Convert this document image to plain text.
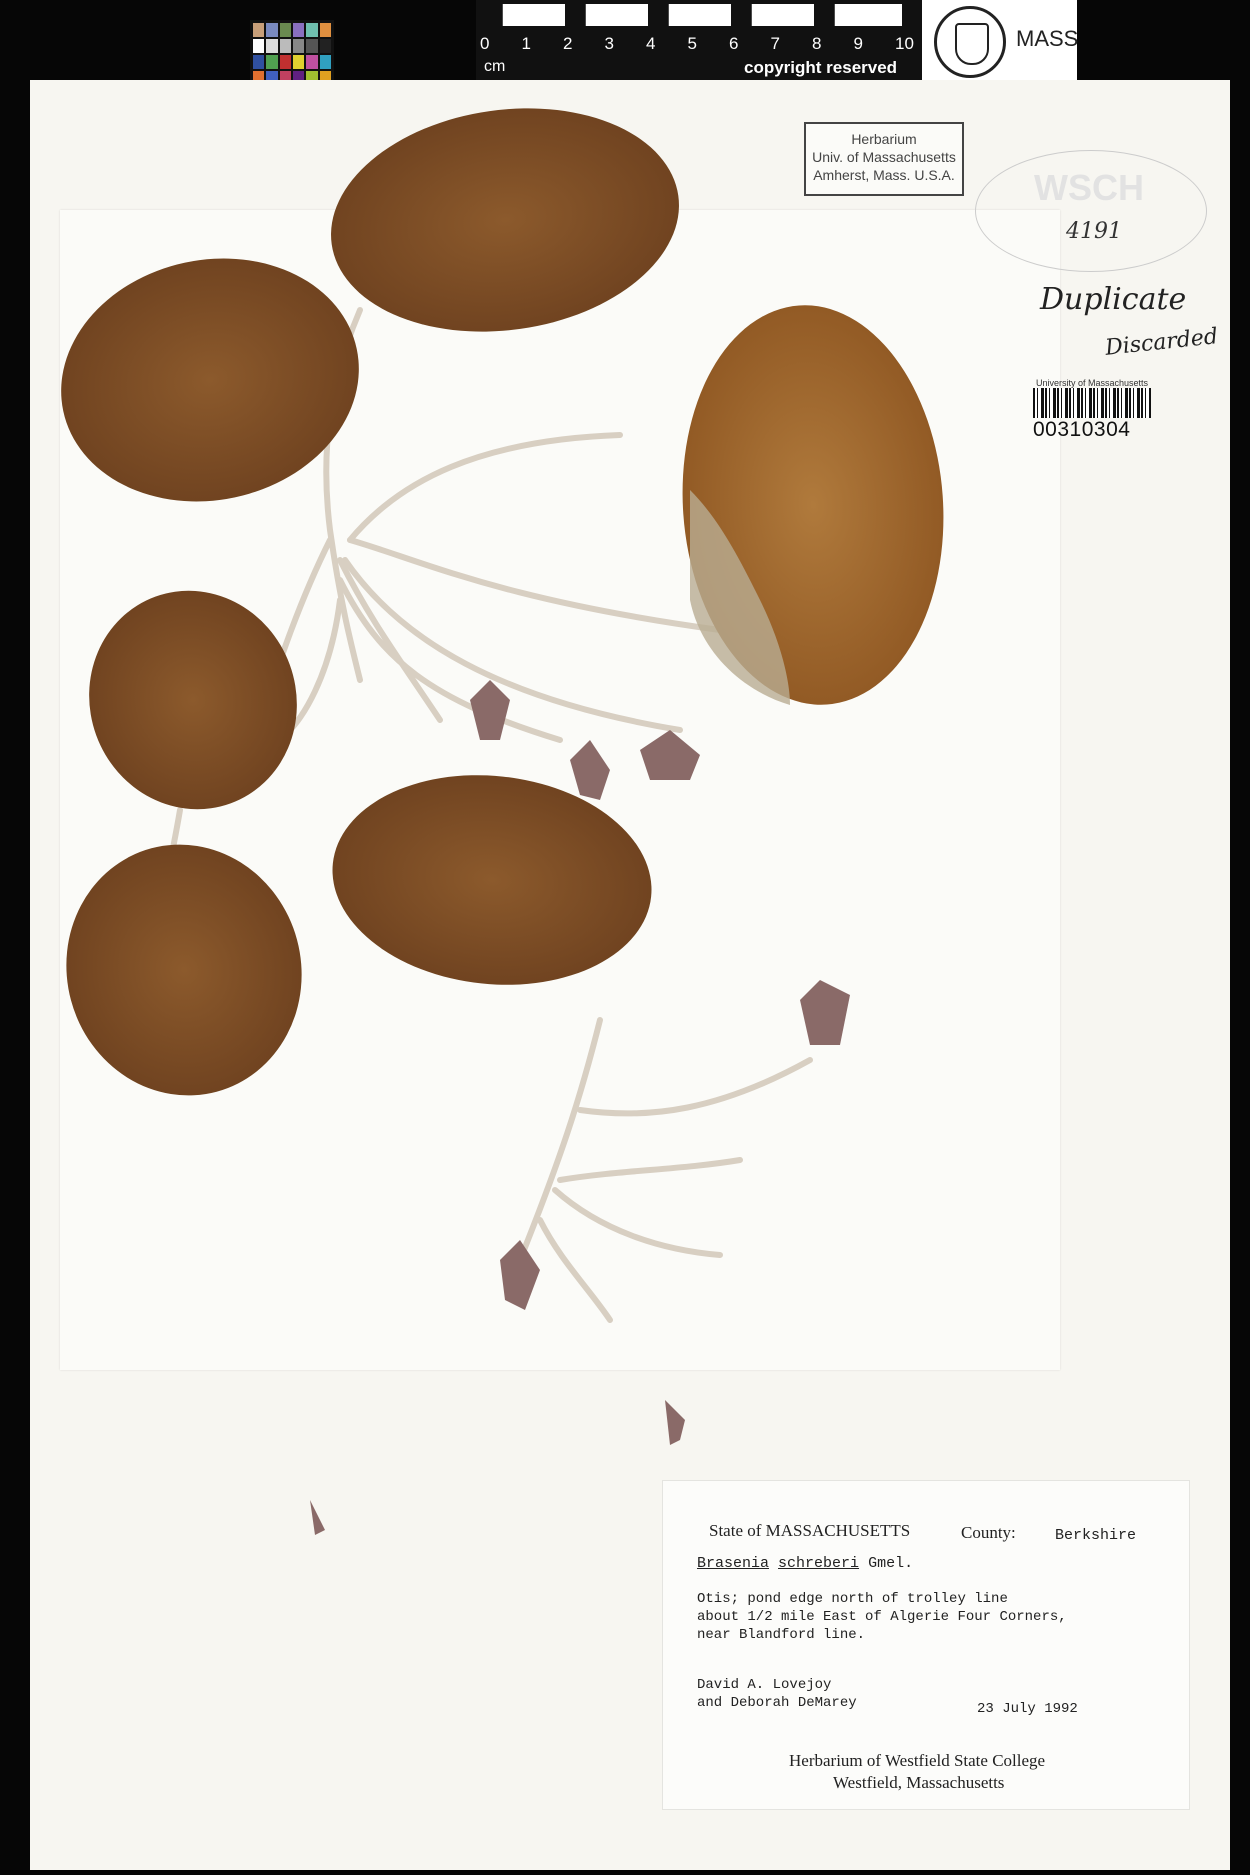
0 1 2 3 4 5 6 7 8 9 10
cm	copyright reserved
MASS
Herbarium
Univ. of Massachusetts
Amherst, Mass. U.S.A. WSCH
4191
Duplicate
Discarded
University of Massachusetts
00310304
State of MASSACHUSETTS	County:	Berkshire
Brasenia schreberi Gmel.
Otis; pond edge north of trolley line
about 1/2 mile East of Algerie Four Corners,
near Blandford line.
David A. Lovejoy
and Deborah DeMarey	23 July 1992
Herbarium of Westfield State College
Westfield, Massachusetts
